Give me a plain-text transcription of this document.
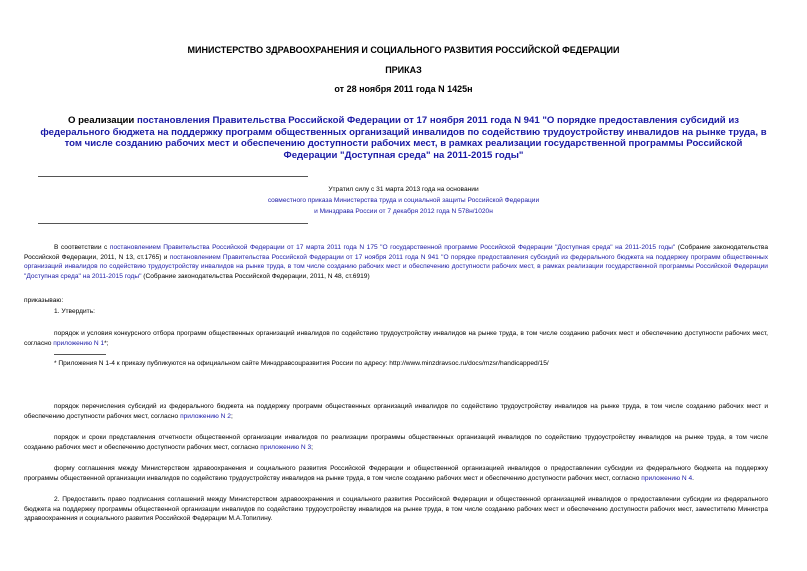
МИНИСТЕРСТВО ЗДРАВООХРАНЕНИЯ И СОЦИАЛЬНОГО РАЗВИТИЯ РОССИЙСКОЙ ФЕДЕРАЦИИ
ПРИКАЗ
от 28 ноября 2011 года N 1425н
О реализации постановления Правительства Российской Федерации от 17 ноября 2011 года N 941 "О порядке предоставления субсидий из федерального бюджета на поддержку программ общественных организаций инвалидов по содействию трудоустройству инвалидов на рынке труда, в том числе созданию рабочих мест и обеспечению доступности рабочих мест, в рамках реализации государственной программы Российской Федерации "Доступная среда" на 2011-2015 годы"
Утратил силу с 31 марта 2013 года на основании
совместного приказа Министерства труда и социальной защиты Российской Федерации
и Минздрава России от 7 декабря 2012 года N 578н/1020н
В соответствии с постановлением Правительства Российской Федерации от 17 марта 2011 года N 175 "О государственной программе Российской Федерации "Доступная среда" на 2011-2015 годы" (Собрание законодательства Российской Федерации, 2011, N 13, ст.1765) и постановлением Правительства Российской Федерации от 17 ноября 2011 года N 941 "О порядке предоставления субсидий из федерального бюджета на поддержку программ общественных организаций инвалидов по содействию трудоустройству инвалидов на рынке труда, в том числе созданию рабочих мест и обеспечению доступности рабочих мест, в рамках реализации государственной программы Российской Федерации "Доступная среда" на 2011-2015 годы" (Собрание законодательства Российской Федерации, 2011, N 48, ст.6919)
приказываю:
1. Утвердить:
порядок и условия конкурсного отбора программ общественных организаций инвалидов по содействию трудоустройству инвалидов на рынке труда, в том числе созданию рабочих мест и обеспечению доступности рабочих мест, согласно приложению N 1*;
* Приложения N 1-4 к приказу публикуются на официальном сайте Минздравсоцразвития России по адресу: http://www.minzdravsoc.ru/docs/mzsr/handicapped/15/
порядок перечисления субсидий из федерального бюджета на поддержку программ общественных организаций инвалидов по содействию трудоустройству инвалидов на рынке труда, в том числе созданию рабочих мест и обеспечению доступности рабочих мест, согласно приложению N 2;
порядок и сроки представления отчетности общественной организации инвалидов по реализации программы общественных организаций инвалидов по содействию трудоустройству инвалидов на рынке труда, в том числе созданию рабочих мест и обеспечению доступности рабочих мест, согласно приложению N 3;
форму соглашения между Министерством здравоохранения и социального развития Российской Федерации и общественной организацией инвалидов о предоставлении субсидии из федерального бюджета на поддержку программы общественной организации инвалидов по содействию трудоустройству инвалидов на рынке труда, в том числе созданию рабочих мест и обеспечению доступности рабочих мест, согласно приложению N 4.
2. Предоставить право подписания соглашений между Министерством здравоохранения и социального развития Российской Федерации и общественной организацией инвалидов о предоставлении субсидии из федерального бюджета на поддержку программы общественной организации инвалидов по содействию трудоустройству инвалидов на рынке труда, в том числе созданию рабочих мест и обеспечению доступности рабочих мест, заместителю Министра здравоохранения и социального развития Российской Федерации М.А.Топилину.
